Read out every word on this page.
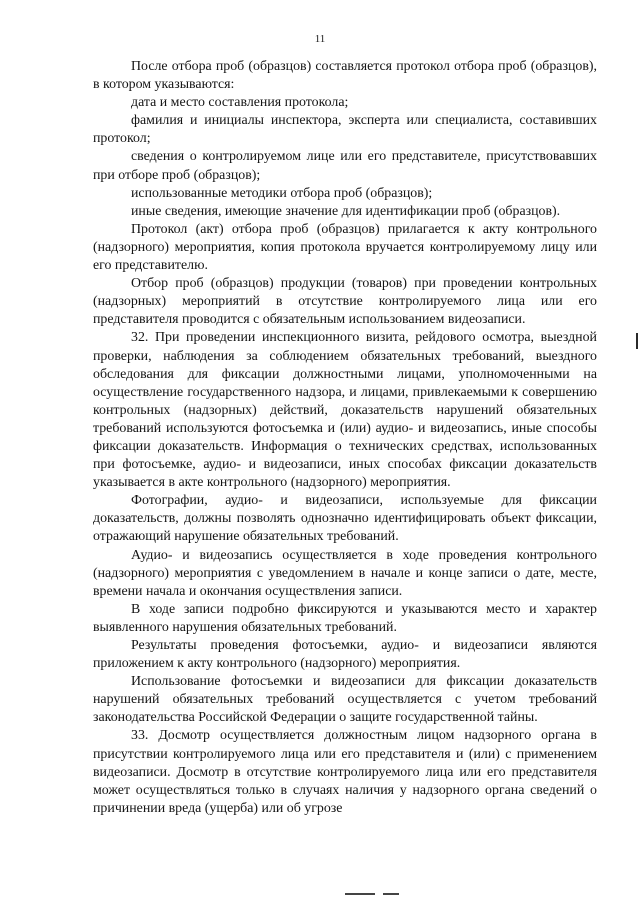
11

После отбора проб (образцов) составляется протокол отбора проб (образцов), в котором указываются:

дата и место составления протокола;

фамилия и инициалы инспектора, эксперта или специалиста, составивших протокол;

сведения о контролируемом лице или его представителе, присутствовавших при отборе проб (образцов);

использованные методики отбора проб (образцов);

иные сведения, имеющие значение для идентификации проб (образцов).

Протокол (акт) отбора проб (образцов) прилагается к акту контрольного (надзорного) мероприятия, копия протокола вручается контролируемому лицу или его представителю.

Отбор проб (образцов) продукции (товаров) при проведении контрольных (надзорных) мероприятий в отсутствие контролируемого лица или его представителя проводится с обязательным использованием видеозаписи.

32. При проведении инспекционного визита, рейдового осмотра, выездной проверки, наблюдения за соблюдением обязательных требований, выездного обследования для фиксации должностными лицами, уполномоченными на осуществление государственного надзора, и лицами, привлекаемыми к совершению контрольных (надзорных) действий, доказательств нарушений обязательных требований используются фотосъемка и (или) аудио- и видеозапись, иные способы фиксации доказательств. Информация о технических средствах, использованных при фотосъемке, аудио- и видеозаписи, иных способах фиксации доказательств указывается в акте контрольного (надзорного) мероприятия.

Фотографии, аудио- и видеозаписи, используемые для фиксации доказательств, должны позволять однозначно идентифицировать объект фиксации, отражающий нарушение обязательных требований.

Аудио- и видеозапись осуществляется в ходе проведения контрольного (надзорного) мероприятия с уведомлением в начале и конце записи о дате, месте, времени начала и окончания осуществления записи.

В ходе записи подробно фиксируются и указываются место и характер выявленного нарушения обязательных требований.

Результаты проведения фотосъемки, аудио- и видеозаписи являются приложением к акту контрольного (надзорного) мероприятия.

Использование фотосъемки и видеозаписи для фиксации доказательств нарушений обязательных требований осуществляется с учетом требований законодательства Российской Федерации о защите государственной тайны.

33. Досмотр осуществляется должностным лицом надзорного органа в присутствии контролируемого лица или его представителя и (или) с применением видеозаписи. Досмотр в отсутствие контролируемого лица или его представителя может осуществляться только в случаях наличия у надзорного органа сведений о причинении вреда (ущерба) или об угрозе
